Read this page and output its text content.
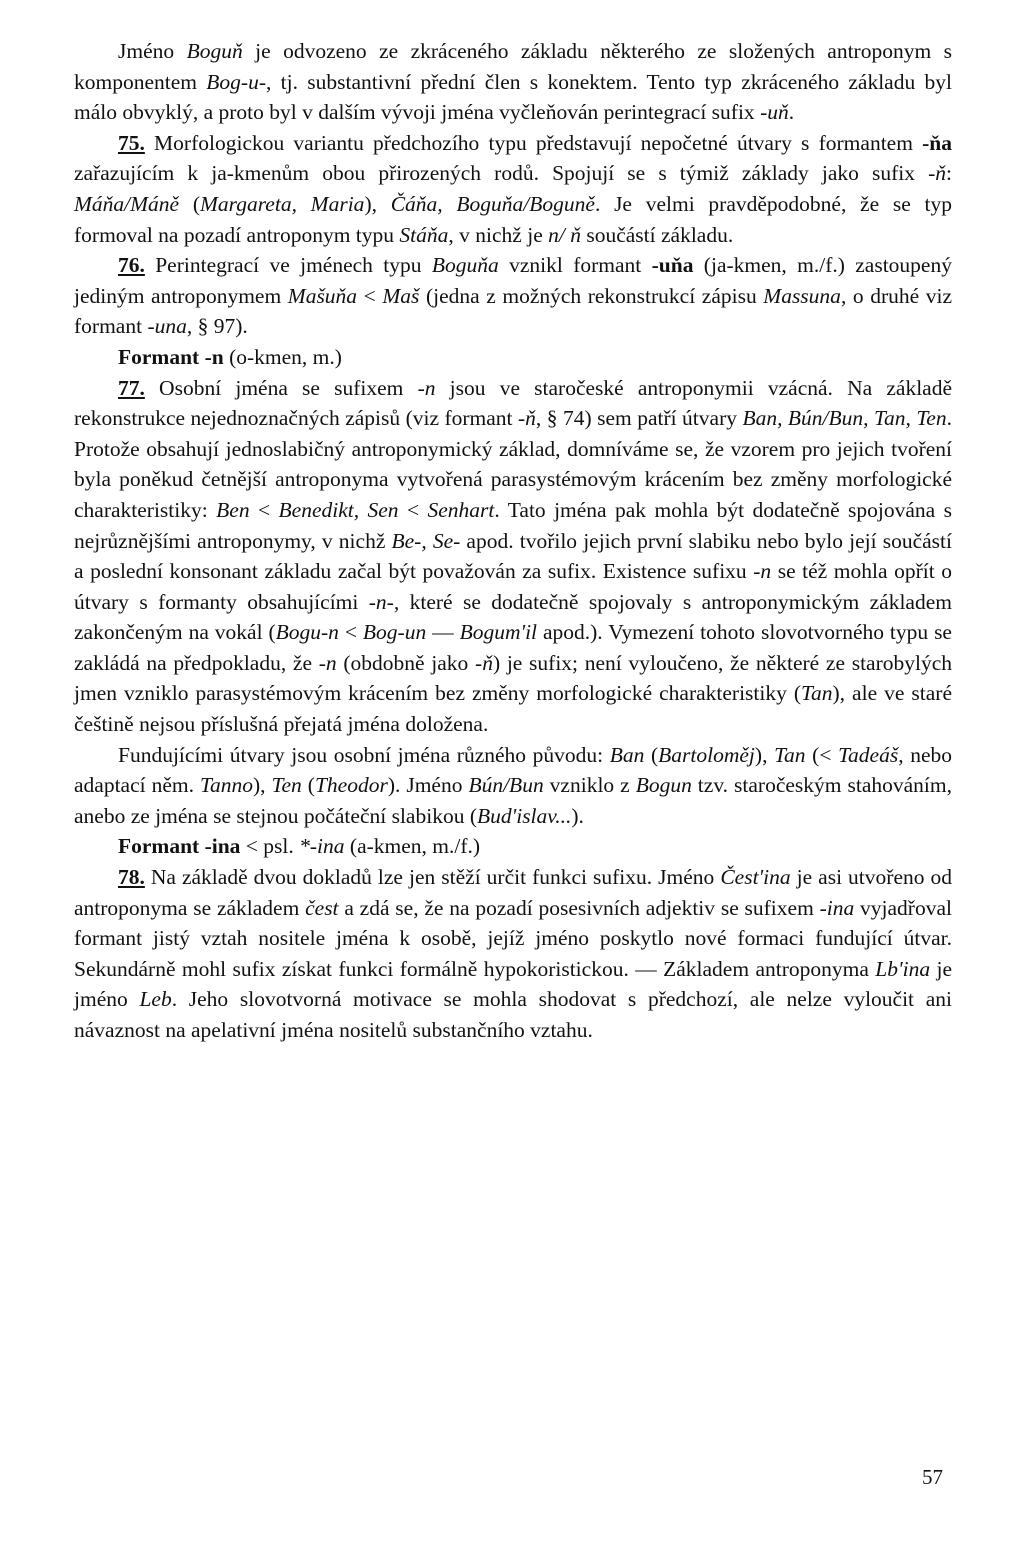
Jméno Boguň je odvozeno ze zkráceného základu některého ze složených antroponym s komponentem Bog-u-, tj. substantivní přední člen s konektem. Tento typ zkráceného základu byl málo obvyklý, a proto byl v dalším vývoji jména vyčleňován perintegrací sufix -uň.

75. Morfologickou variantu předchozího typu představují nepočetné útvary s formantem -ňa zařazujícím k ja-kmenům obou přirozených rodů. Spojují se s týmiž základy jako sufix -ň: Máňa/Máně (Margareta, Maria), Čáňa, Boguňa/Boguně. Je velmi pravděpodobné, že se typ formoval na pozadí antroponym typu Stáňa, v nichž je n/ ň součástí základu.

76. Perintegrací ve jménech typu Boguňa vznikl formant -uňa (ja-kmen, m./f.) zastoupený jediným antroponymem Mašuňa < Maš (jedna z možných rekonstrukcí zápisu Massuna, o druhé viz formant -una, § 97).

Formant -n (o-kmen, m.)

77. Osobní jména se sufixem -n jsou ve staročeské antroponymii vzácná. Na základě rekonstrukce nejednoznačných zápisů (viz formant -ň, § 74) sem patří útvary Ban, Bún/Bun, Tan, Ten. Protože obsahují jednoslabičný antroponymický základ, domníváme se, že vzorem pro jejich tvoření byla poněkud četnější antroponyma vytvořená parasystémovým krácením bez změny morfologické charakteristiky: Ben < Benedikt, Sen < Senhart. Tato jména pak mohla být dodatečně spojována s nejrůznějšími antroponymy, v nichž Be-, Se- apod. tvořilo jejich první slabiku nebo bylo její součástí a poslední konsonant základu začal být považován za sufix. Existence sufixu -n se též mohla opřít o útvary s formanty obsahujícími -n-, které se dodatečně spojovaly s antroponymickým základem zakončeným na vokál (Bogu-n < Bog-un — Bogum'il apod.). Vymezení tohoto slovotvorného typu se zakládá na předpokladu, že -n (obdobně jako -ň) je sufix; není vyloučeno, že některé ze starobylých jmen vzniklo parasystémovým krácením bez změny morfologické charakteristiky (Tan), ale ve staré češtině nejsou příslušná přejatá jména doložena.

Fundujícími útvary jsou osobní jména různého původu: Ban (Bartoloměj), Tan (< Tadeáš, nebo adaptací něm. Tanno), Ten (Theodor). Jméno Bún/Bun vzniklo z Bogun tzv. staročeským stahováním, anebo ze jména se stejnou počáteční slabikou (Bud'islav...).

Formant -ina < psl. *-ina (a-kmen, m./f.)

78. Na základě dvou dokladů lze jen stěží určit funkci sufixu. Jméno Čest'ina je asi utvořeno od antroponyma se základem čest a zdá se, že na pozadí posesivních adjektiv se sufixem -ina vyjadřoval formant jistý vztah nositele jména k osobě, jejíž jméno poskytlo nové formaci fundující útvar. Sekundárně mohl sufix získat funkci formálně hypokoristickou. — Základem antroponyma Lb'ina je jméno Leb. Jeho slovotvorná motivace se mohla shodovat s předchozí, ale nelze vyloučit ani návaznost na apelativní jména nositelů substančního vztahu.

57
